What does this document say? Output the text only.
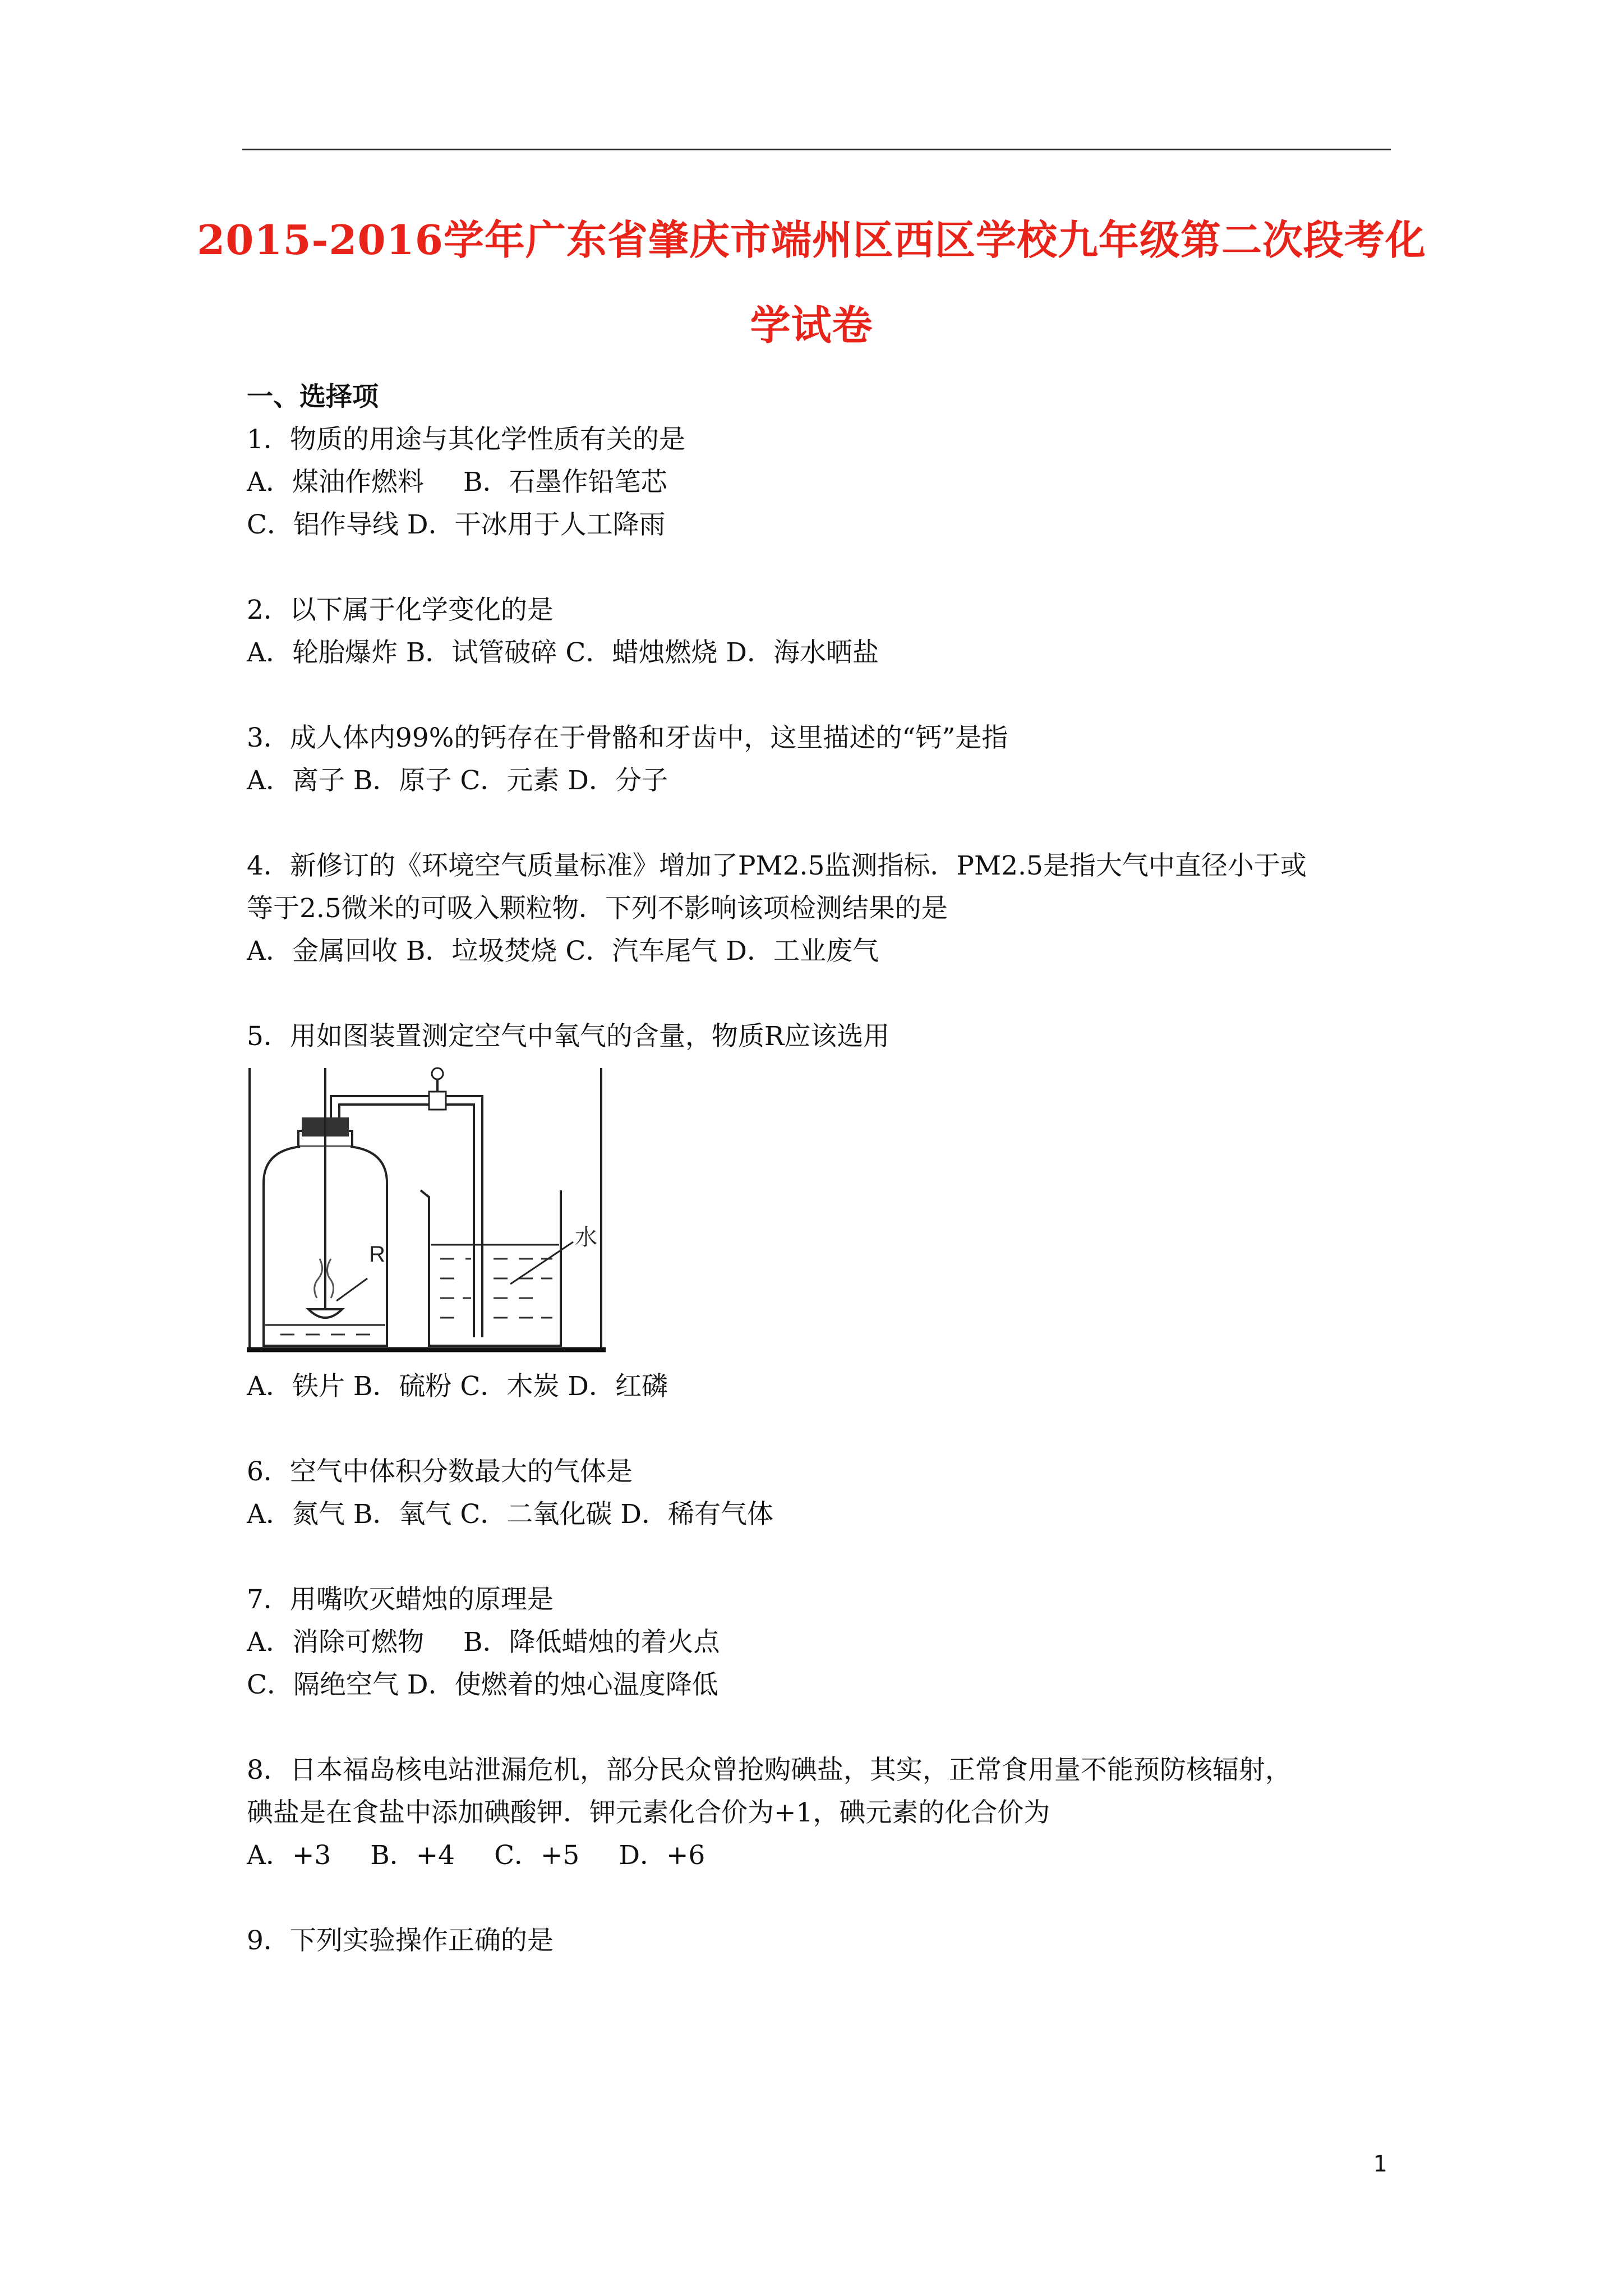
2015-2016学年广东省肇庆市端州区西区学校九年级第二次段考化
学试卷
一、选择项
1．物质的用途与其化学性质有关的是
A．煤油作燃料 B．石墨作铅笔芯
C．铝作导线 D．干冰用于人工降雨
2．以下属于化学变化的是
A．轮胎爆炸 B．试管破碎 C．蜡烛燃烧 D．海水晒盐
3．成人体内99%的钙存在于骨骼和牙齿中，这里描述的“钙”是指
A．离子 B．原子 C．元素 D．分子
4．新修订的《环境空气质量标准》增加了PM2.5监测指标．PM2.5是指大气中直径小于或
等于2.5微米的可吸入颗粒物．下列不影响该项检测结果的是
A．金属回收 B．垃圾焚烧 C．汽车尾气 D．工业废气
5．用如图装置测定空气中氧气的含量，物质R应该选用
R
水
A．铁片 B．硫粉 C．木炭 D．红磷
6．空气中体积分数最大的气体是
A．氮气 B．氧气 C．二氧化碳 D．稀有气体
7．用嘴吹灭蜡烛的原理是
A．消除可燃物 B．降低蜡烛的着火点
C．隔绝空气 D．使燃着的烛心温度降低
8．日本福岛核电站泄漏危机，部分民众曾抢购碘盐，其实，正常食用量不能预防核辐射，
碘盐是在食盐中添加碘酸钾．钾元素化合价为+1，碘元素的化合价为
A．+3 B．+4 C．+5 D．+6
9．下列实验操作正确的是
1
